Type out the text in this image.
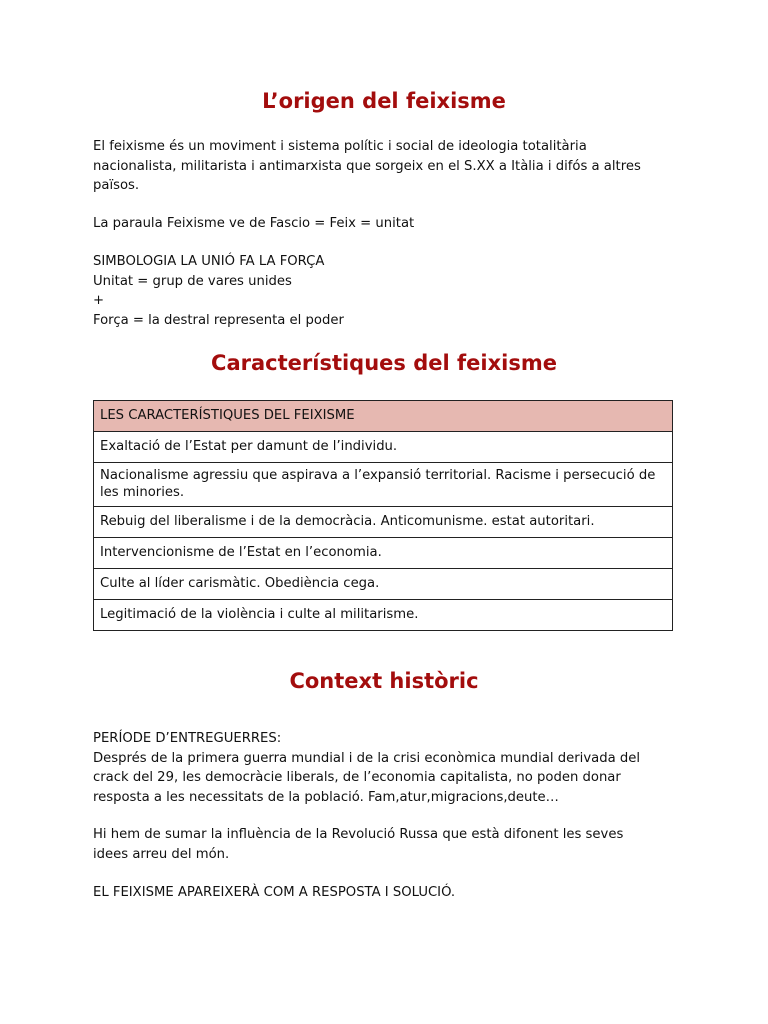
L’origen del feixisme
El feixisme és un moviment i sistema polític i social de ideologia totalitària
nacionalista, militarista i antimarxista que sorgeix en el S.XX a Itàlia i difós a altres
països.
La paraula Feixisme ve de Fascio = Feix = unitat
SIMBOLOGIA LA UNIÓ FA LA FORÇA
Unitat = grup de vares unides
+
Força = la destral representa el poder
Característiques del feixisme
LES CARACTERÍSTIQUES DEL FEIXISME
Exaltació de l’Estat per damunt de l’individu.
Nacionalisme agressiu que aspirava a l’expansió territorial. Racisme i persecució de les minories.
Rebuig del liberalisme i de la democràcia. Anticomunisme. estat autoritari.
Intervencionisme de l’Estat en l’economia.
Culte al líder carismàtic. Obediència cega.
Legitimació de la violència i culte al militarisme.
Context històric
PERÍODE D’ENTREGUERRES:
Després de la primera guerra mundial i de la crisi econòmica mundial derivada del
crack del 29, les democràcie liberals, de l’economia capitalista, no poden donar
resposta a les necessitats de la població. Fam,atur,migracions,deute…
Hi hem de sumar la influència de la Revolució Russa que està difonent les seves
idees arreu del món.
EL FEIXISME APAREIXERÀ COM A RESPOSTA I SOLUCIÓ.
